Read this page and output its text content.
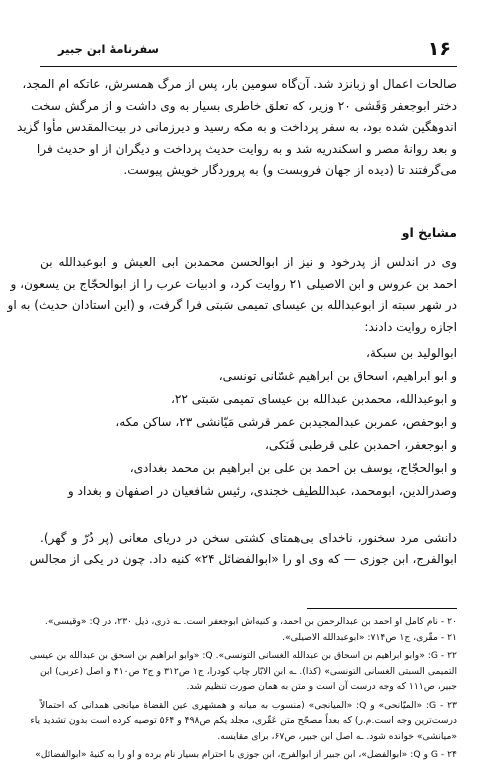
۱۶
سفرنامهٔ ابن جبیر
صالحات اعمال او زبانزد شد. آن‌گاه سومین بار، پس از مرگ همسرش، عاتکه ام المجد،
دختر ابوجعفر وَقَشی ۲۰ وزیر، که تعلق خاطری بسیار به وی داشت و از مرگش سخت
اندوهگین شده بود، به سفر پرداخت و به مکه رسید و دیرزمانی در بیت‌المقدس مأوا گزید
و بعد روانهٔ مصر و اسکندریه شد و به روایت حدیث پرداخت و دیگران از او حدیث فرا
می‌گرفتند تا (دیده از جهان فروبست و) به پروردگار خویش پیوست.
مشایخ او
وی در اندلس از پدرخود و نیز از ابوالحسن محمدبن ابی العیش و ابوعبدالله بن
احمد بن عروس و ابن الاصیلی ۲۱ روایت کرد، و ادبیات عرب را از ابوالحجّاج بن یسعون، و
در شهر سبته از ابوعبدالله بن عیسای تمیمی سَبتی فرا گرفت، و (این استادان حدیث) به او
اجازه روایت دادند:
ابوالولید بن سبکة،
و ابو ابراهیم، اسحاق بن ابراهیم غسّانی تونسی،
و ابوعبدالله، محمدبن عبدالله بن عیسای تمیمی سَبتی ۲۲،
و ابوحفص، عمربن عبدالمجیدبن عمر قرشی مَیّانشی ۲۳، ساکن مکه،
و ابوجعفر، احمدبن علی قرطبی فَنَکی،
و ابوالحجّاج، یوسف بن احمد بن علی بن ابراهیم بن محمد بغدادی،
وصدرالدین، ابومحمد، عبداللطیف خجندی، رئیس شافعیان در اصفهان و بغداد و
دانشی مرد سخنور، ناخدای بی‌همتای کشتی سخن در دریای معانی (پر دُرّ و گهر).
ابوالفرج، ابن جوزی — که وی او را «ابوالفضائل ۲۴» کنیه داد. چون در یکی از مجالس
۲۰ - نام کامل او احمد بن عبدالرحمن بن احمد، و کنیه‌اش ابوجعفر است. ـه ذری، ذیل ۲۳۰، در Q: «وقیسی».
۲۱ - مقّری، ج۱ ص۷۱۴: «ابوعبدالله الاصیلی».
۲۲ - G: «وابو ابراهیم بن اسحاق بن عبدالله الغسانی التونسی». Q: «وابو ابراهیم بن اسحق بن عبدالله بن عیسی
التمیمی السبتی الغسانی التونسی» (کذا). ـه ابن الابّار چاپ کودرا، ج۱ ص۳۱۲ و ج۲ ص۴۱۰ و اصل (عربی) ابن
جبیر، ص۱۱۱ که وجه درست آن است و متن به همان صورت تنظیم شد.
۲۳ - G: «المیّانحی» و Q: «المیانجی» (منسوب به میانه و همشهری عین القضاة میانجی همدانی که احتمالاً
درست‌ترین وجه است.م.ر) که بعداً مصحّح متن عَقّری، مجلد یکم ص۴۹۸ و ۵۶۴ توصیه کرده است بدون تشدید یاء
«میانشی» خوانده شود. ـه اصل ابن جبیر، ص۶۷، برای مقایسه.
۲۴ - G و Q: «ابوالفضل»، ابن جبیر از ابوالفرج، ابن جوزی با احترام بسیار نام برده و او را به کنیهٔ «ابوالفضائل»
